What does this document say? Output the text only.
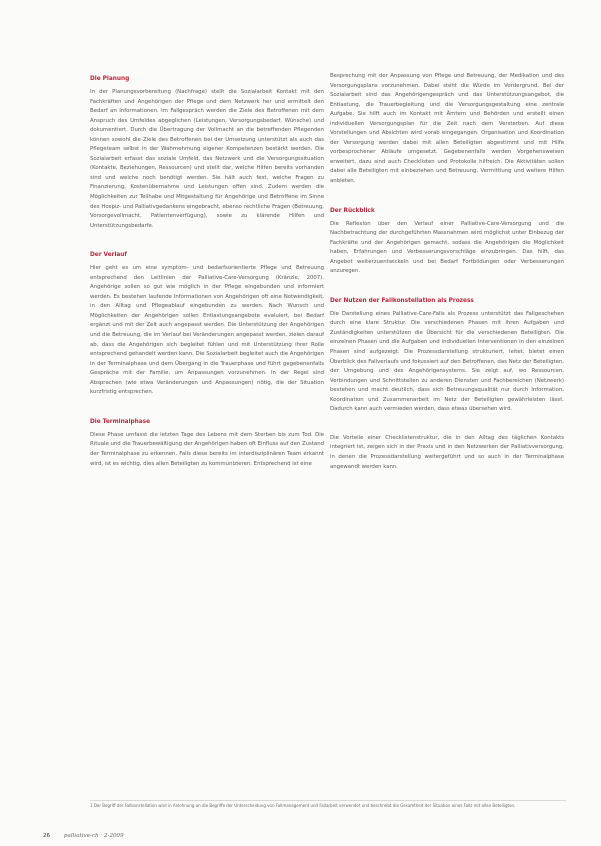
Die Planung

In der Planungsvorbereitung (Nachfrage) stellt die Sozialarbeit Kontakt mit den Fachkräften und Angehörigen der Pflege und dem Netzwerk her und ermittelt den Bedarf an Informationen. Im Fallgespräch werden die Ziele des Betroffenen mit dem Anspruch des Umfeldes abgeglichen (Leistungen, Versorgungsbedarf, Wünsche) und dokumentiert. Durch die Übertragung der Vollmacht an die betreffenden Pflegenden können sowohl die Ziele des Betroffenen bei der Umsetzung unterstützt als auch das Pflegeteam selbst in der Wahrnehmung eigener Kompetenzen bestärkt werden. Die Sozialarbeit erfasst das soziale Umfeld, das Netzwerk und die Versorgungssituation (Kontakte, Beziehungen, Ressourcen) und stellt dar, welche Hilfen bereits vorhanden sind und welche noch benötigt werden. Sie hält auch fest, welche Fragen zu Finanzierung, Kostenübernahme und Leistungen offen sind. Zudem werden die Möglichkeiten zur Teilhabe und Mitgestaltung für Angehörige und Betroffene im Sinne des Hospiz- und Palliativgedankens eingebracht, ebenso rechtliche Fragen (Betreuung, Vorsorgevollmacht, Patientenverfügung), sowie zu klärende Hilfen und Unterstützungsbedarfe.

Der Verlauf

Hier geht es um eine symptom- und bedarfsorientierte Pflege und Betreuung entsprechend den Leitlinien der Palliative-Care-Versorgung (Kränzle, 2007). Angehörige sollen so gut wie möglich in der Pflege eingebunden und informiert werden. Es bestehen laufende Informationen von Angehörigen oft eine Notwendigkeit, in den Alltag und Pflegeablauf eingebunden zu werden. Nach Wunsch und Möglichkeiten der Angehörigen sollen Entlastungsangebote evaluiert, bei Bedarf ergänzt und mit der Zeit auch angepasst werden. Die Unterstützung der Angehörigen und die Betreuung, die im Verlauf bei Veränderungen angepasst werden, zielen darauf ab, dass die Angehörigen sich begleitet fühlen und mit Unterstützung ihrer Rolle entsprechend gehandelt werden kann. Die Sozialarbeit begleitet auch die Angehörigen in der Terminalphase und dem Übergang in die Trauerphase und führt gegebenenfalls Gespräche mit der Familie, um Anpassungen vorzunehmen. In der Regel sind Absprachen (wie etwa Veränderungen und Anpassungen) nötig, die der Situation kurzfristig entsprechen.

Die Terminalphase

Diese Phase umfasst die letzten Tage des Lebens mit dem Sterben bis zum Tod. Die Rituale und die Trauerbewältigung der Angehörigen haben oft Einfluss auf den Zustand der Terminalphase zu erkennen. Falls diese bereits im interdisziplinären Team erkannt wird, ist es wichtig, dies allen Beteiligten zu kommunizieren. Entsprechend ist eine

Besprechung mit der Anpassung von Pflege und Betreuung, der Medikation und des Versorgungsplans vorzunehmen. Dabei steht die Würde im Vordergrund. Bei der Sozialarbeit sind das Angehörigengespräch und das Unterstützungsangebot, die Entlastung, die Trauerbegleitung und die Versorgungsgestaltung eine zentrale Aufgabe. Sie hilft auch im Kontakt mit Ämtern und Behörden und erstellt einen individuellen Versorgungsplan für die Zeit nach dem Versterben. Auf diese Vorstellungen und Absichten wird vorab eingegangen. Organisation und Koordination der Versorgung werden dabei mit allen Beteiligten abgestimmt und mit Hilfe vorbesprochener Abläufe umgesetzt. Gegebenenfalls werden Vorgehensweisen erweitert, dazu sind auch Checklisten und Protokolle hilfreich. Die Aktivitäten sollen dabei alle Beteiligten mit einbeziehen und Betreuung, Vermittlung und weitere Hilfen anbieten.

Der Rückblick

Die Reflexion über den Verlauf einer Palliative-Care-Versorgung und die Nachbetrachtung der durchgeführten Massnahmen wird möglichst unter Einbezug der Fachkräfte und der Angehörigen gemacht, sodass die Angehörigen die Möglichkeit haben, Erfahrungen und Verbesserungsvorschläge einzubringen. Das hilft, das Angebot weiterzuentwickeln und bei Bedarf Fortbildungen oder Verbesserungen anzuregen.

Der Nutzen der Fallkonstellation als Prozess

Die Darstellung eines Palliative-Care-Falls als Prozess unterstützt das Fallgeschehen durch eine klare Struktur. Die verschiedenen Phasen mit ihren Aufgaben und Zuständigkeiten unterstützen die Übersicht für die verschiedenen Beteiligten. Die einzelnen Phasen und die Aufgaben und individuellen Interventionen in den einzelnen Phasen sind aufgezeigt. Die Prozessdarstellung strukturiert, leitet, bietet einen Überblick des Fallverlaufs und fokussiert auf den Betroffenen, das Netz der Beteiligten, der Umgebung und des Angehörigensystems. Sie zeigt auf, wo Ressourcen, Verbindungen und Schnittstellen zu anderen Diensten und Fachbereichen (Netzwerk) bestehen und macht deutlich, dass sich Betreuungsqualität nur durch Information, Koordination und Zusammenarbeit im Netz der Beteiligten gewährleisten lässt. Dadurch kann auch vermieden werden, dass etwas übersehen wird.

Die Vorteile einer Checklistenstruktur, die in den Alltag des täglichen Kontakts integriert ist, zeigen sich in der Praxis und in den Netzwerken der Palliativversorgung, in denen die Prozessdarstellung weitergeführt und so auch in der Terminalphase angewandt werden kann.

1 Der Begriff der Fallkonstellation wird in Anlehnung an die Begriffe der Unterscheidung von Fallmanagement und Fallarbeit verwendet und beschreibt die Gesamtheit der Situation eines Falls mit allen Beteiligten.
26 palliative-ch · 2-2009
